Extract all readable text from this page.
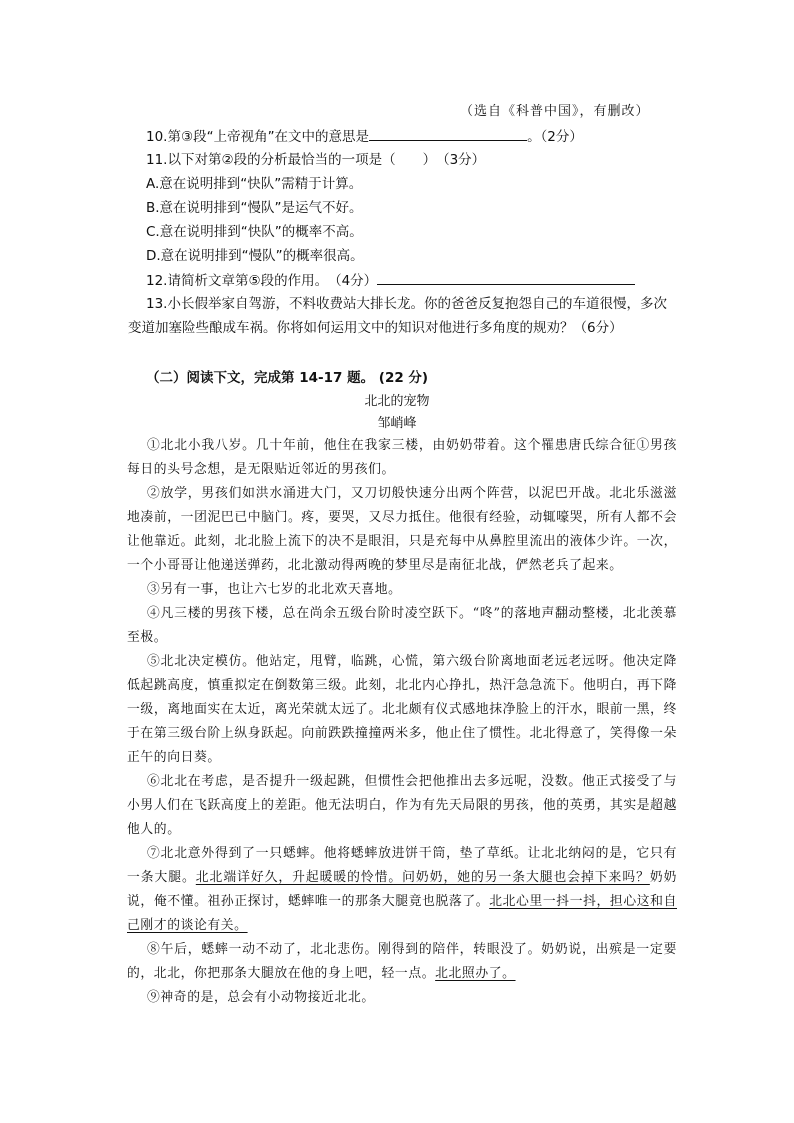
（选自《科普中国》，有删改）
10.第③段“上帝视角”在文中的意思是	。（2分）
11.以下对第②段的分析最恰当的一项是（　　）　（3分）
A.意在说明排到“快队”需精于计算。
B.意在说明排到“慢队”是运气不好。
C.意在说明排到“快队”的概率不高。
D.意在说明排到“慢队”的概率很高。
12.请简析文章第⑤段的作用。　（4分）
13.小长假举家自驾游，不料收费站大排长龙。你的爸爸反复抱怨自己的车道很慢，多次变道加塞险些酿成车祸。你将如何运用文中的知识对他进行多角度的规劝？（6分）
（二）阅读下文，完成第 14-17 题。 (22 分)
北北的宠物
邹峭峰

①北北小我八岁。几十年前，他住在我家三楼，由奶奶带着。这个罹患唐氏综合征①男孩每日的头号念想，是无限贴近邻近的男孩们。

②放学，男孩们如洪水涌进大门，又刀切般快速分出两个阵营，以泥巴开战。北北乐滋滋地凑前，一团泥巴已中脑门。疼，要哭，又尽力抵住。他很有经验，动辄嚎哭，所有人都不会让他靠近。此刻，北北脸上流下的决不是眼泪，只是充每中从鼻腔里流出的液体少许。一次，一个小哥哥让他递送弹药，北北激动得两晚的梦里尽是南征北战，俨然老兵了起来。

③另有一事，也让六七岁的北北欢天喜地。

④凡三楼的男孩下楼，总在尚余五级台阶时凌空跃下。“咚”的落地声翻动整楼，北北羡慕至极。

⑤北北决定模仿。他站定，甩臂，临跳，心慌，第六级台阶离地面老远老远呀。他决定降低起跳高度，慎重拟定在倒数第三级。此刻，北北内心挣扎，热汗急急流下。他明白，再下降一级，离地面实在太近，离光荣就太远了。北北颇有仪式感地抹净脸上的汗水，眼前一黑，终于在第三级台阶上纵身跃起。向前跌跌撞撞两米多，他止住了惯性。北北得意了，笑得像一朵正午的向日葵。

⑥北北在考虑，是否提升一级起跳，但惯性会把他推出去多远呢，没数。他正式接受了与小男人们在飞跃高度上的差距。他无法明白，作为有先天局限的男孩，他的英勇，其实是超越他人的。

⑦北北意外得到了一只蟋蟀。他将蟋蟀放进饼干筒，垫了草纸。让北北纳闷的是，它只有一条大腿。北北端详好久，升起暖暖的怜惜。问奶奶，她的另一条大腿也会掉下来吗？奶奶说，俺不懂。祖孙正探讨，蟋蟀唯一的那条大腿竟也脱落了。北北心里一抖一抖，担心这和自己刚才的谈论有关。

⑧午后，蟋蟀一动不动了，北北悲伤。刚得到的陪伴，转眼没了。奶奶说，出殡是一定要的，北北，你把那条大腿放在他的身上吧，轻一点。北北照办了。

⑨神奇的是，总会有小动物接近北北。
